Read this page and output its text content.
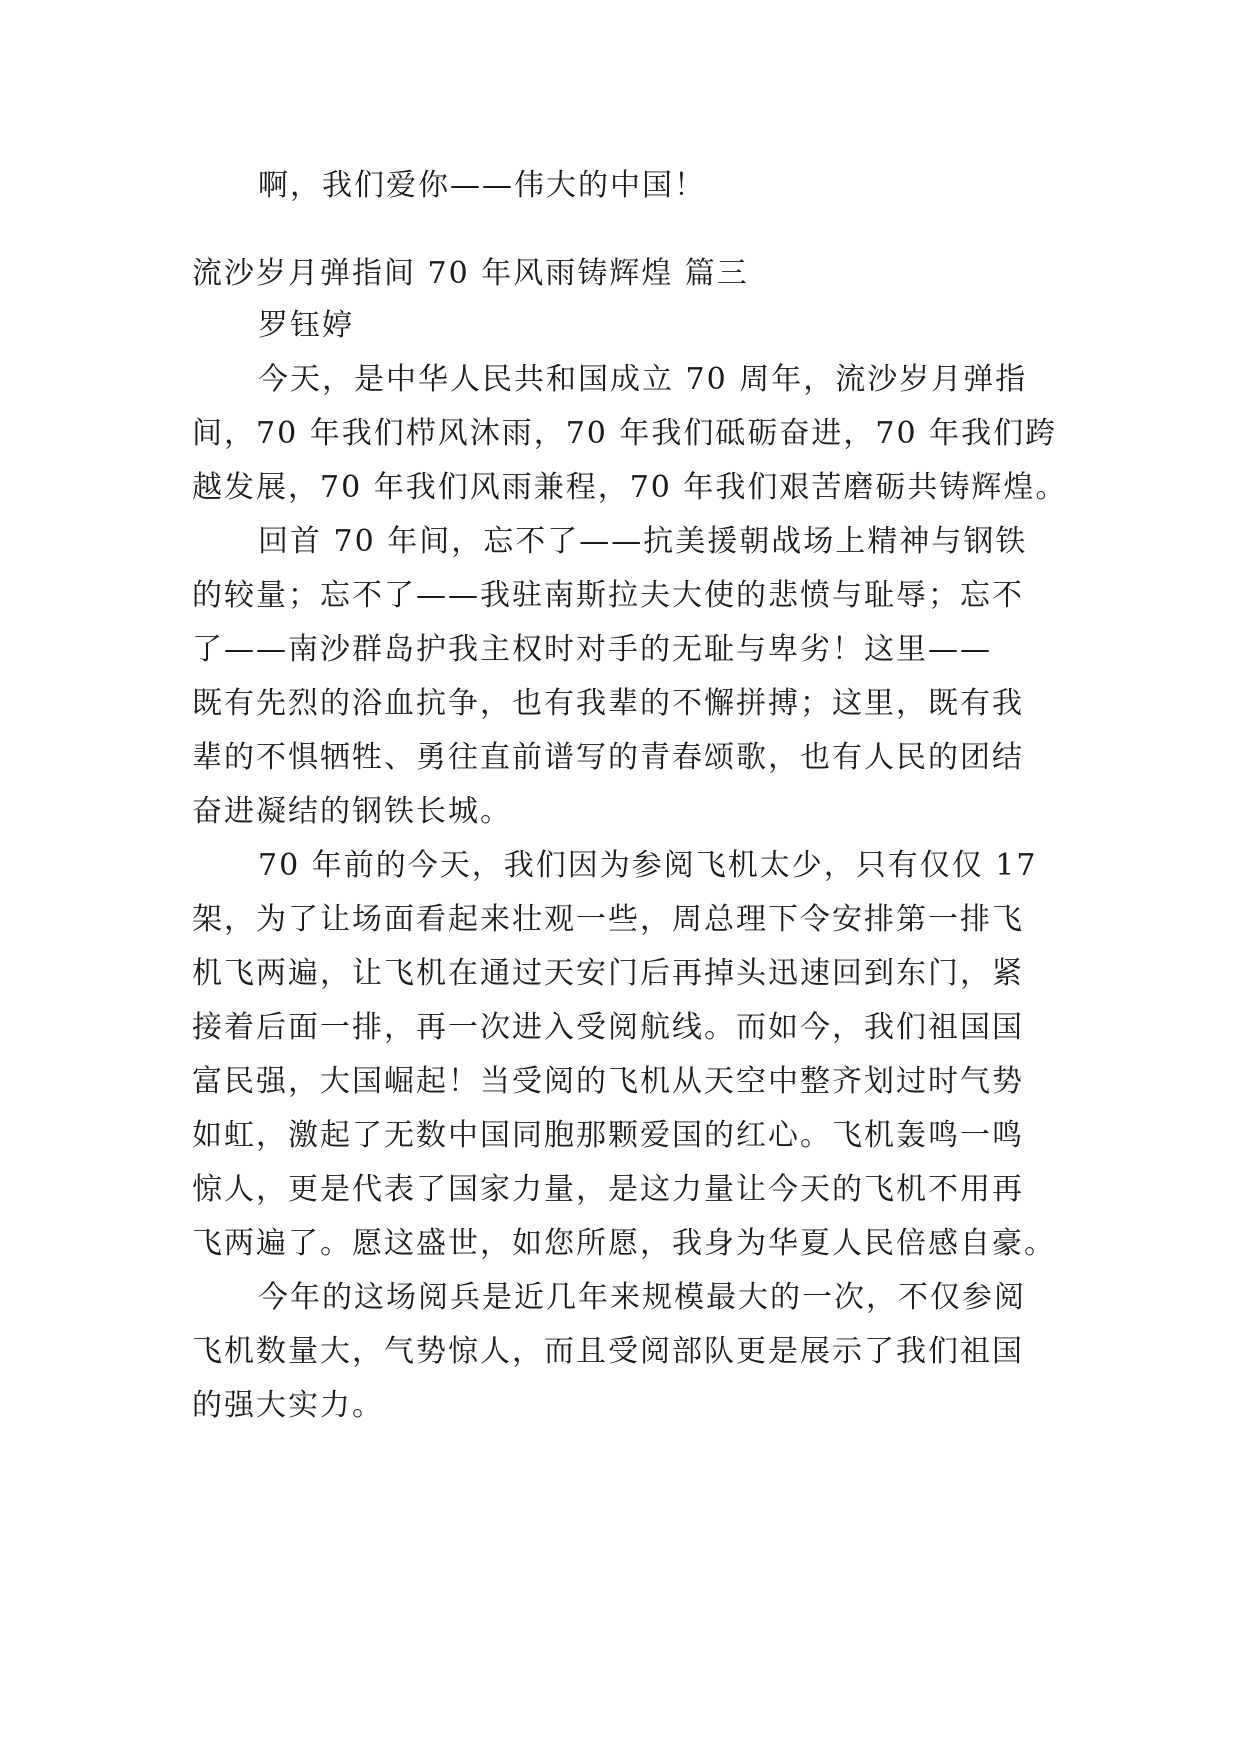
啊，我们爱你——伟大的中国！
流沙岁月弹指间 70 年风雨铸辉煌 篇三
罗钰婷
今天，是中华人民共和国成立 70 周年，流沙岁月弹指
间，70 年我们栉风沐雨，70 年我们砥砺奋进，70 年我们跨
越发展，70 年我们风雨兼程，70 年我们艰苦磨砺共铸辉煌。
回首 70 年间，忘不了——抗美援朝战场上精神与钢铁
的较量；忘不了——我驻南斯拉夫大使的悲愤与耻辱；忘不
了——南沙群岛护我主权时对手的无耻与卑劣！这里——
既有先烈的浴血抗争，也有我辈的不懈拼搏；这里，既有我
辈的不惧牺牲、勇往直前谱写的青春颂歌，也有人民的团结
奋进凝结的钢铁长城。
70 年前的今天，我们因为参阅飞机太少，只有仅仅 17
架，为了让场面看起来壮观一些，周总理下令安排第一排飞
机飞两遍，让飞机在通过天安门后再掉头迅速回到东门，紧
接着后面一排，再一次进入受阅航线。而如今，我们祖国国
富民强，大国崛起！当受阅的飞机从天空中整齐划过时气势
如虹，激起了无数中国同胞那颗爱国的红心。飞机轰鸣一鸣
惊人，更是代表了国家力量，是这力量让今天的飞机不用再
飞两遍了。愿这盛世，如您所愿，我身为华夏人民倍感自豪。
今年的这场阅兵是近几年来规模最大的一次，不仅参阅
飞机数量大，气势惊人，而且受阅部队更是展示了我们祖国
的强大实力。
